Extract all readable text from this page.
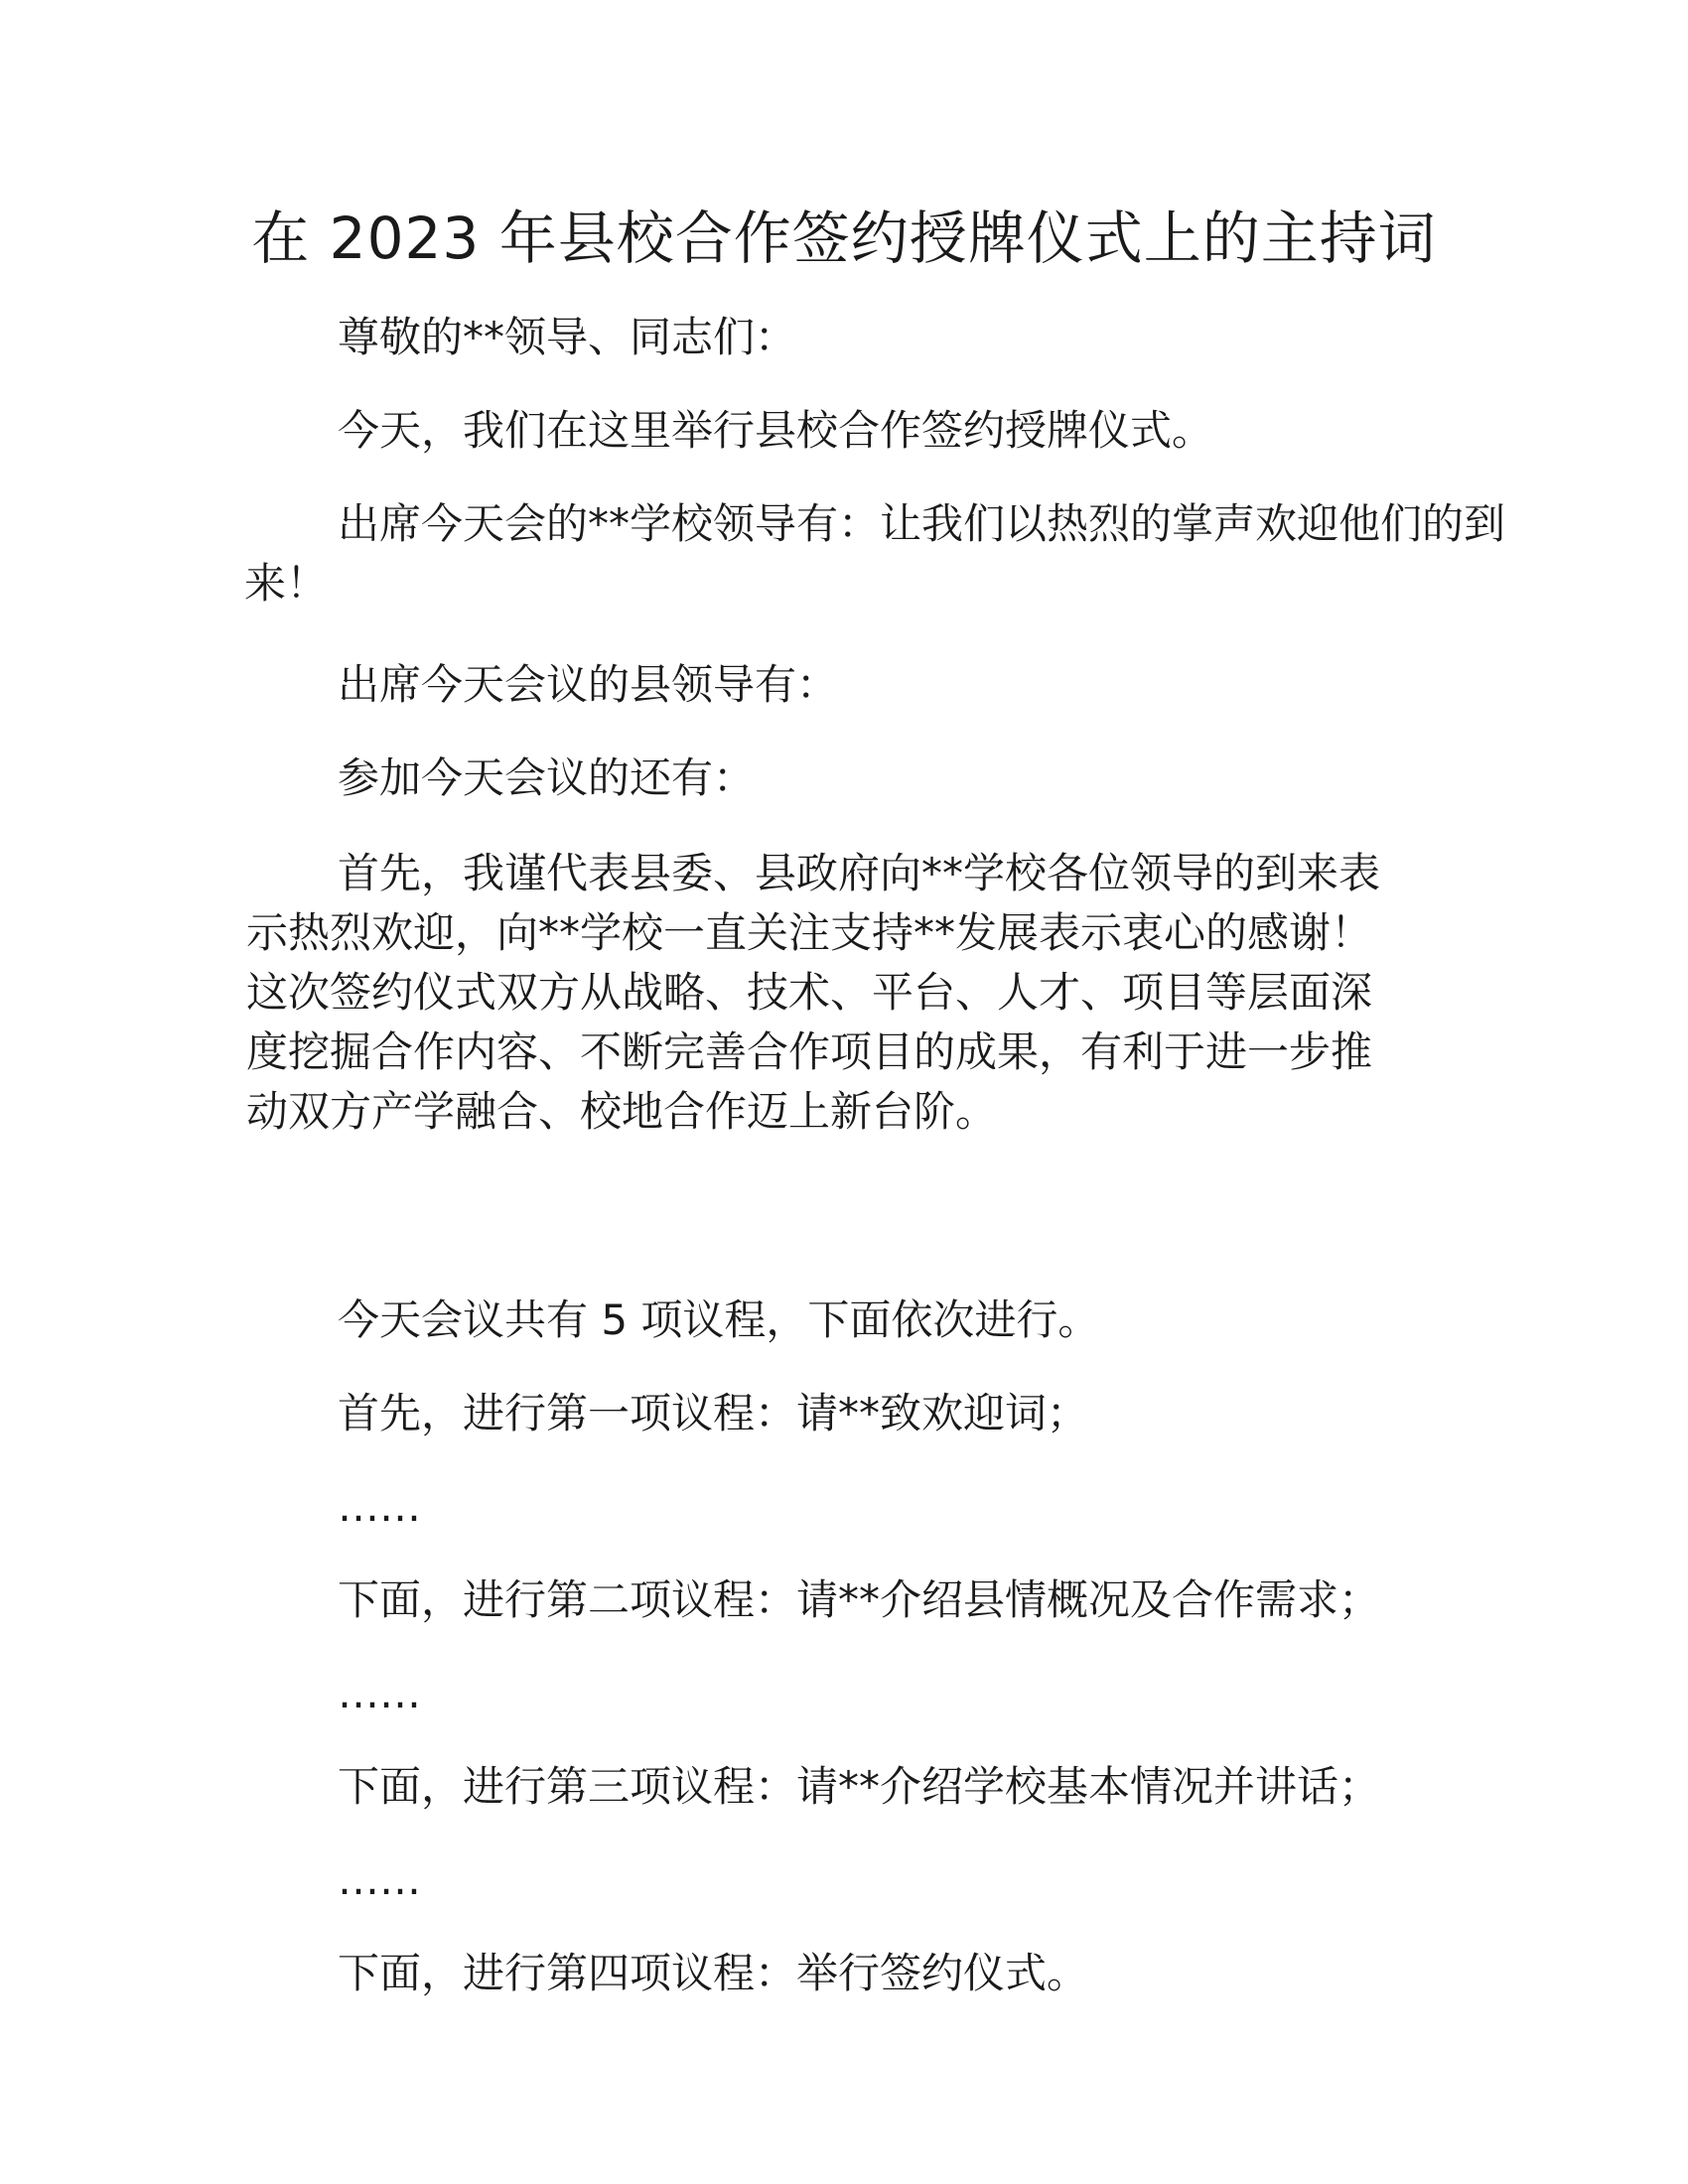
在 2023 年县校合作签约授牌仪式上的主持词

尊敬的**领导、同志们：

今天，我们在这里举行县校合作签约授牌仪式。

出席今天会的**学校领导有：让我们以热烈的掌声欢迎他们的到
来！

出席今天会议的县领导有：

参加今天会议的还有：

首先，我谨代表县委、县政府向**学校各位领导的到来表
示热烈欢迎，向**学校一直关注支持**发展表示衷心的感谢！
这次签约仪式双方从战略、技术、平台、人才、项目等层面深
度挖掘合作内容、不断完善合作项目的成果，有利于进一步推
动双方产学融合、校地合作迈上新台阶。

今天会议共有 5 项议程，下面依次进行。

首先，进行第一项议程：请**致欢迎词；

……

下面，进行第二项议程：请**介绍县情概况及合作需求；

……

下面，进行第三项议程：请**介绍学校基本情况并讲话；

……

下面，进行第四项议程：举行签约仪式。
